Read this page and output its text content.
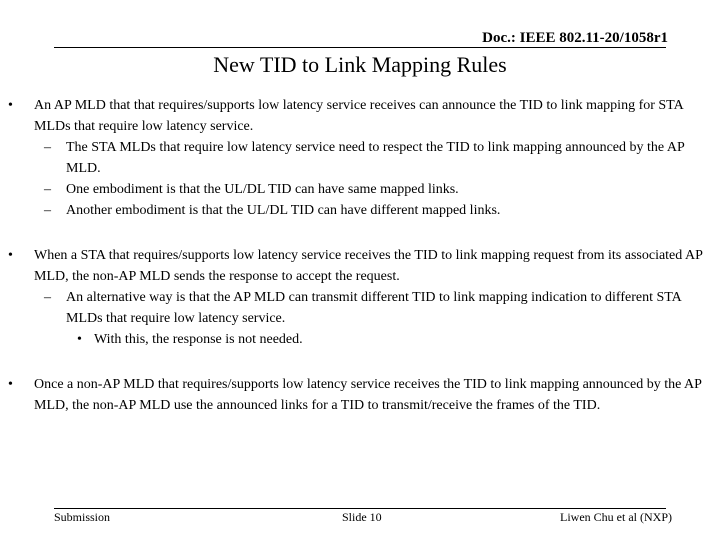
Doc.: IEEE 802.11-20/1058r1
New TID to Link Mapping Rules

• An AP MLD that that requires/supports low latency service receives can announce the TID to link mapping for STA MLDs that require low latency service.

– The STA MLDs that require low latency service need to respect the TID to link mapping announced by the AP MLD.

– One embodiment is that the UL/DL TID can have same mapped links.

– Another embodiment is that the UL/DL TID can have different mapped links.

• When a STA that requires/supports low latency service receives the TID to link mapping request from its associated AP MLD, the non-AP MLD sends the response to accept the request.

– An alternative way is that the AP MLD can transmit different TID to link mapping indication to different STA MLDs that require low latency service.

• With this, the response is not needed.

• Once a non-AP MLD that requires/supports low latency service receives the TID to link mapping announced by the AP MLD, the non-AP MLD use the announced links for a TID to transmit/receive the frames of the TID.

Submission	Slide 10	Liwen Chu et al (NXP)
